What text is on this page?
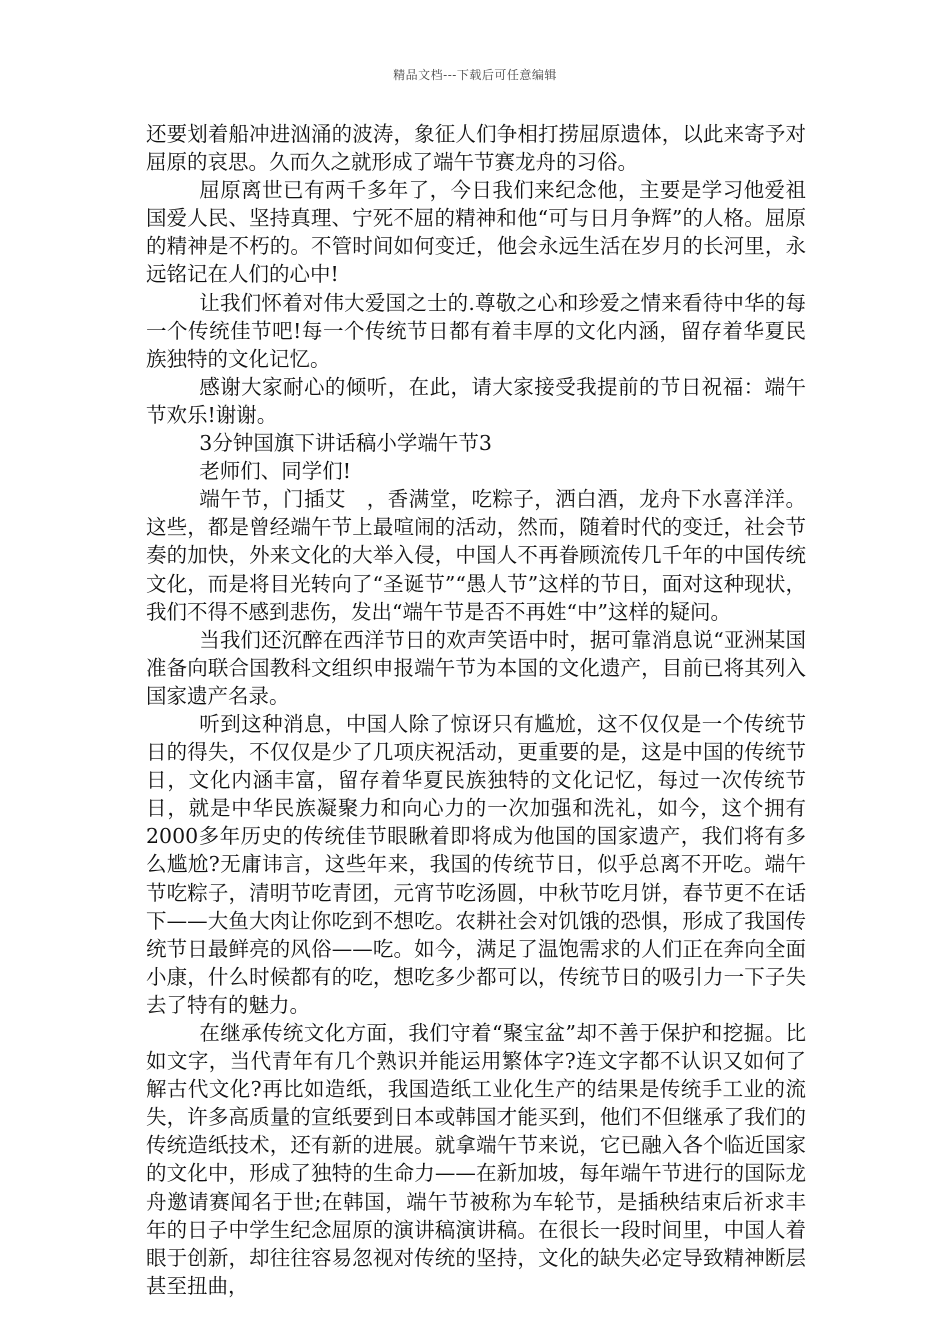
精品文档---下载后可任意编辑

还要划着船冲进汹涌的波涛，象征人们争相打捞屈原遗体，以此来寄予对屈原的哀思。久而久之就形成了端午节赛龙舟的习俗。

屈原离世已有两千多年了，今日我们来纪念他，主要是学习他爱祖国爱人民、坚持真理、宁死不屈的精神和他“可与日月争辉”的人格。屈原的精神是不朽的。不管时间如何变迁，他会永远生活在岁月的长河里，永远铭记在人们的心中!

让我们怀着对伟大爱国之士的.尊敬之心和珍爱之情来看待中华的每一个传统佳节吧!每一个传统节日都有着丰厚的文化内涵，留存着华夏民族独特的文化记忆。

感谢大家耐心的倾听，在此，请大家接受我提前的节日祝福：端午节欢乐!谢谢。

3分钟国旗下讲话稿小学端午节3

老师们、同学们!

端午节，门插艾　，香满堂，吃粽子，洒白酒，龙舟下水喜洋洋。这些，都是曾经端午节上最喧闹的活动，然而，随着时代的变迁，社会节奏的加快，外来文化的大举入侵，中国人不再眷顾流传几千年的中国传统文化，而是将目光转向了“圣诞节”“愚人节”这样的节日，面对这种现状，我们不得不感到悲伤，发出“端午节是否不再姓“中”这样的疑问。

当我们还沉醉在西洋节日的欢声笑语中时，据可靠消息说“亚洲某国准备向联合国教科文组织申报端午节为本国的文化遗产，目前已将其列入国家遗产名录。

听到这种消息，中国人除了惊讶只有尴尬，这不仅仅是一个传统节日的得失，不仅仅是少了几项庆祝活动，更重要的是，这是中国的传统节日，文化内涵丰富，留存着华夏民族独特的文化记忆，每过一次传统节日，就是中华民族凝聚力和向心力的一次加强和洗礼，如今，这个拥有2000多年历史的传统佳节眼瞅着即将成为他国的国家遗产，我们将有多么尴尬?无庸讳言，这些年来，我国的传统节日，似乎总离不开吃。端午节吃粽子，清明节吃青团，元宵节吃汤圆，中秋节吃月饼，春节更不在话下——大鱼大肉让你吃到不想吃。农耕社会对饥饿的恐惧，形成了我国传统节日最鲜亮的风俗——吃。如今，满足了温饱需求的人们正在奔向全面小康，什么时候都有的吃，想吃多少都可以，传统节日的吸引力一下子失去了特有的魅力。

在继承传统文化方面，我们守着“聚宝盆”却不善于保护和挖掘。比如文字，当代青年有几个熟识并能运用繁体字?连文字都不认识又如何了解古代文化?再比如造纸，我国造纸工业化生产的结果是传统手工业的流失，许多高质量的宣纸要到日本或韩国才能买到，他们不但继承了我们的传统造纸技术，还有新的进展。就拿端午节来说，它已融入各个临近国家的文化中，形成了独特的生命力——在新加坡，每年端午节进行的国际龙舟邀请赛闻名于世;在韩国，端午节被称为车轮节，是插秧结束后祈求丰年的日子中学生纪念屈原的演讲稿演讲稿。在很长一段时间里，中国人着眼于创新，却往往容易忽视对传统的坚持，文化的缺失必定导致精神断层甚至扭曲，
